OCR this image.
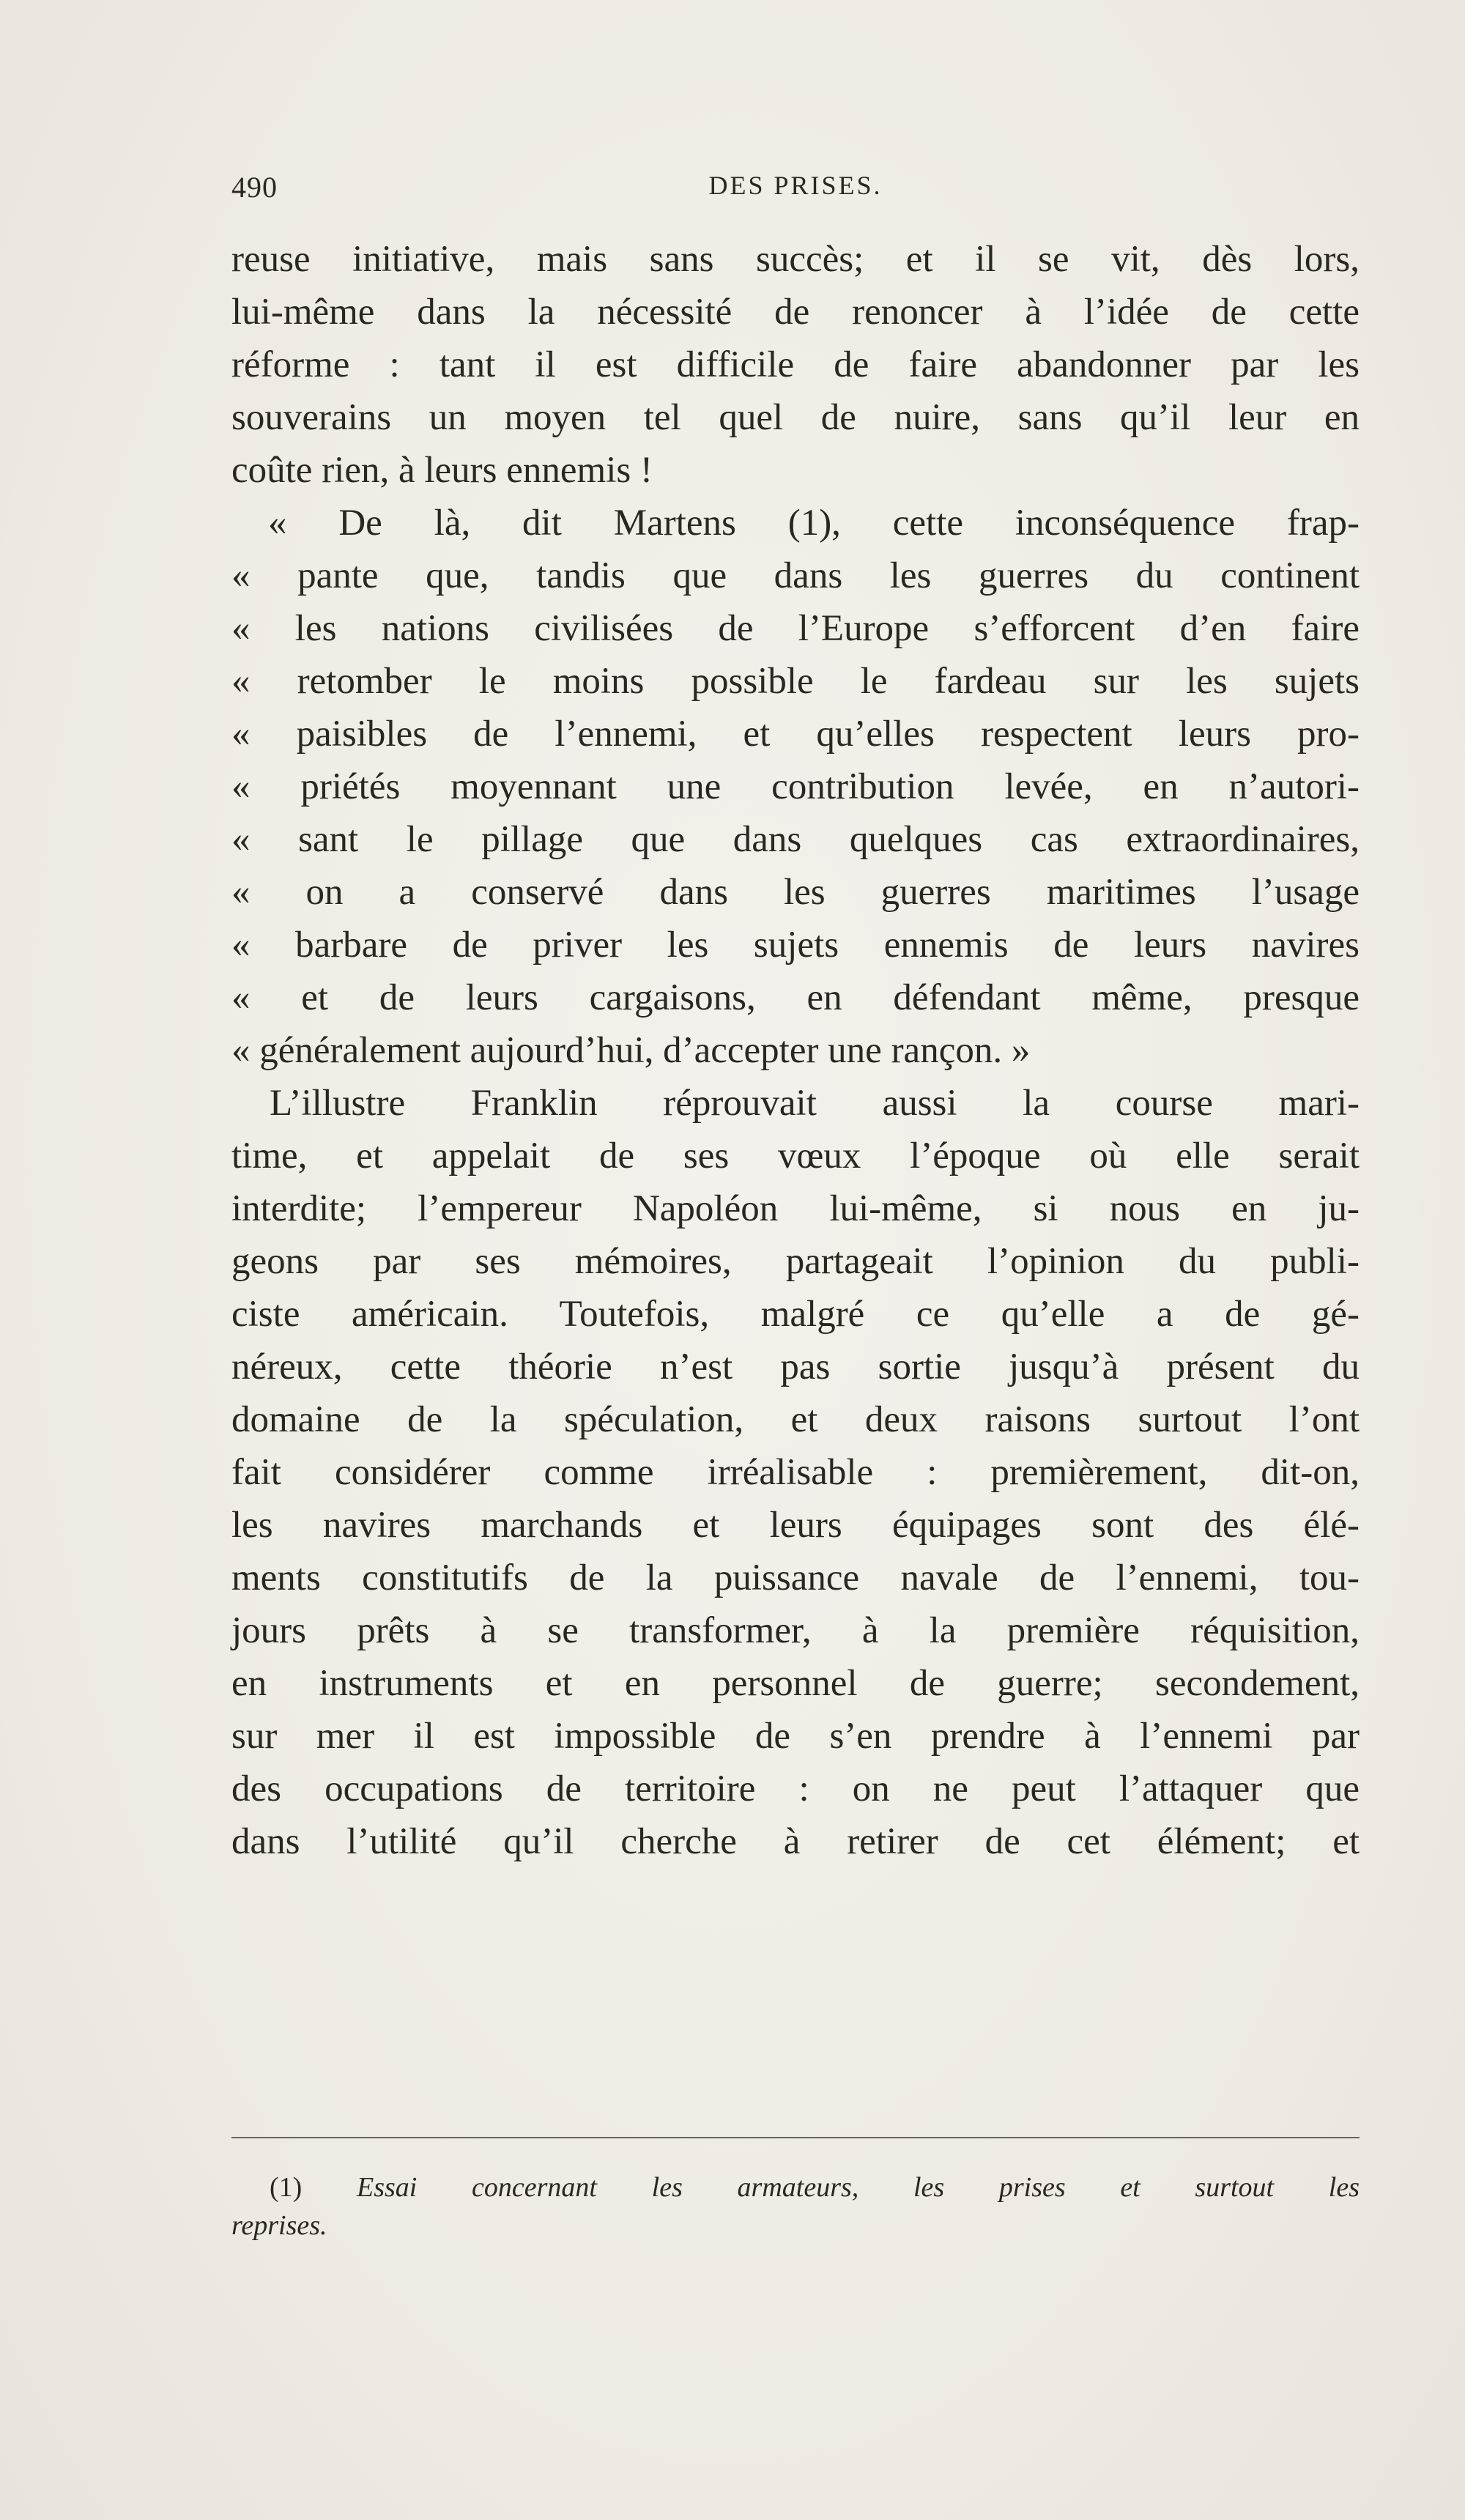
490	DES PRISES.
reuse initiative, mais sans succès; et il se vit, dès lors,
lui-même dans la nécessité de renoncer à l’idée de cette
réforme : tant il est difficile de faire abandonner par les
souverains un moyen tel quel de nuire, sans qu’il leur en
coûte rien, à leurs ennemis !
« De là, dit Martens (1), cette inconséquence frap-
« pante que, tandis que dans les guerres du continent
« les nations civilisées de l’Europe s’efforcent d’en faire
« retomber le moins possible le fardeau sur les sujets
« paisibles de l’ennemi, et qu’elles respectent leurs pro-
« priétés moyennant une contribution levée, en n’autori-
« sant le pillage que dans quelques cas extraordinaires,
« on a conservé dans les guerres maritimes l’usage
« barbare de priver les sujets ennemis de leurs navires
« et de leurs cargaisons, en défendant même, presque
« généralement aujourd’hui, d’accepter une rançon. »
L’illustre Franklin réprouvait aussi la course mari-
time, et appelait de ses vœux l’époque où elle serait
interdite; l’empereur Napoléon lui-même, si nous en ju-
geons par ses mémoires, partageait l’opinion du publi-
ciste américain. Toutefois, malgré ce qu’elle a de gé-
néreux, cette théorie n’est pas sortie jusqu’à présent du
domaine de la spéculation, et deux raisons surtout l’ont
fait considérer comme irréalisable : premièrement, dit-on,
les navires marchands et leurs équipages sont des élé-
ments constitutifs de la puissance navale de l’ennemi, tou-
jours prêts à se transformer, à la première réquisition,
en instruments et en personnel de guerre; secondement,
sur mer il est impossible de s’en prendre à l’ennemi par
des occupations de territoire : on ne peut l’attaquer que
dans l’utilité qu’il cherche à retirer de cet élément; et
(1) Essai concernant les armateurs, les prises et surtout les
reprises.
